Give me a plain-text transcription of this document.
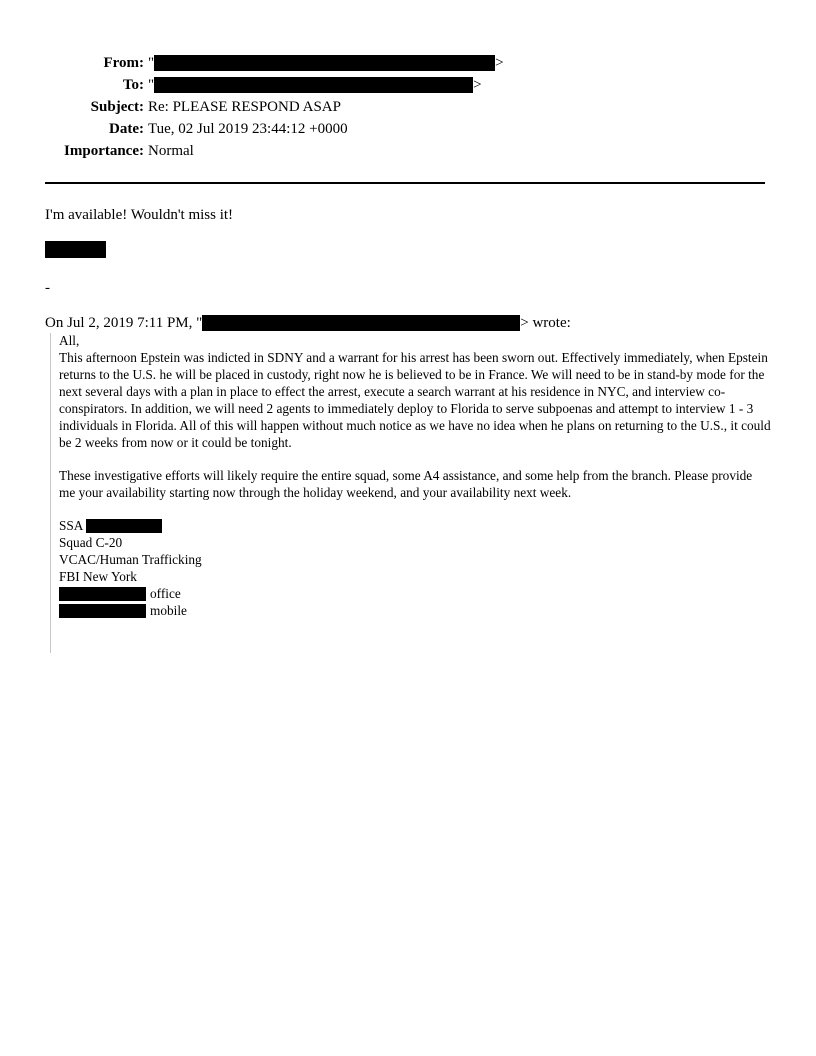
From: "	>
To: "	>
Subject: Re: PLEASE RESPOND ASAP
Date: Tue, 02 Jul 2019 23:44:12 +0000
Importance: Normal
I'm available! Wouldn't miss it!
-
On Jul 2, 2019 7:11 PM, "	> wrote:

All,

This afternoon Epstein was indicted in SDNY and a warrant for his arrest has been sworn out. Effectively immediately, when Epstein returns to the U.S. he will be placed in custody, right now he is believed to be in France. We will need to be in stand-by mode for the next several days with a plan in place to effect the arrest, execute a search warrant at his residence in NYC, and interview co-conspirators. In addition, we will need 2 agents to immediately deploy to Florida to serve subpoenas and attempt to interview 1 - 3 individuals in Florida. All of this will happen without much notice as we have no idea when he plans on returning to the U.S., it could be 2 weeks from now or it could be tonight.

These investigative efforts will likely require the entire squad, some A4 assistance, and some help from the branch. Please provide me your availability starting now through the holiday weekend, and your availability next week.

SSA
Squad C-20
VCAC/Human Trafficking
FBI New York
office
mobile
